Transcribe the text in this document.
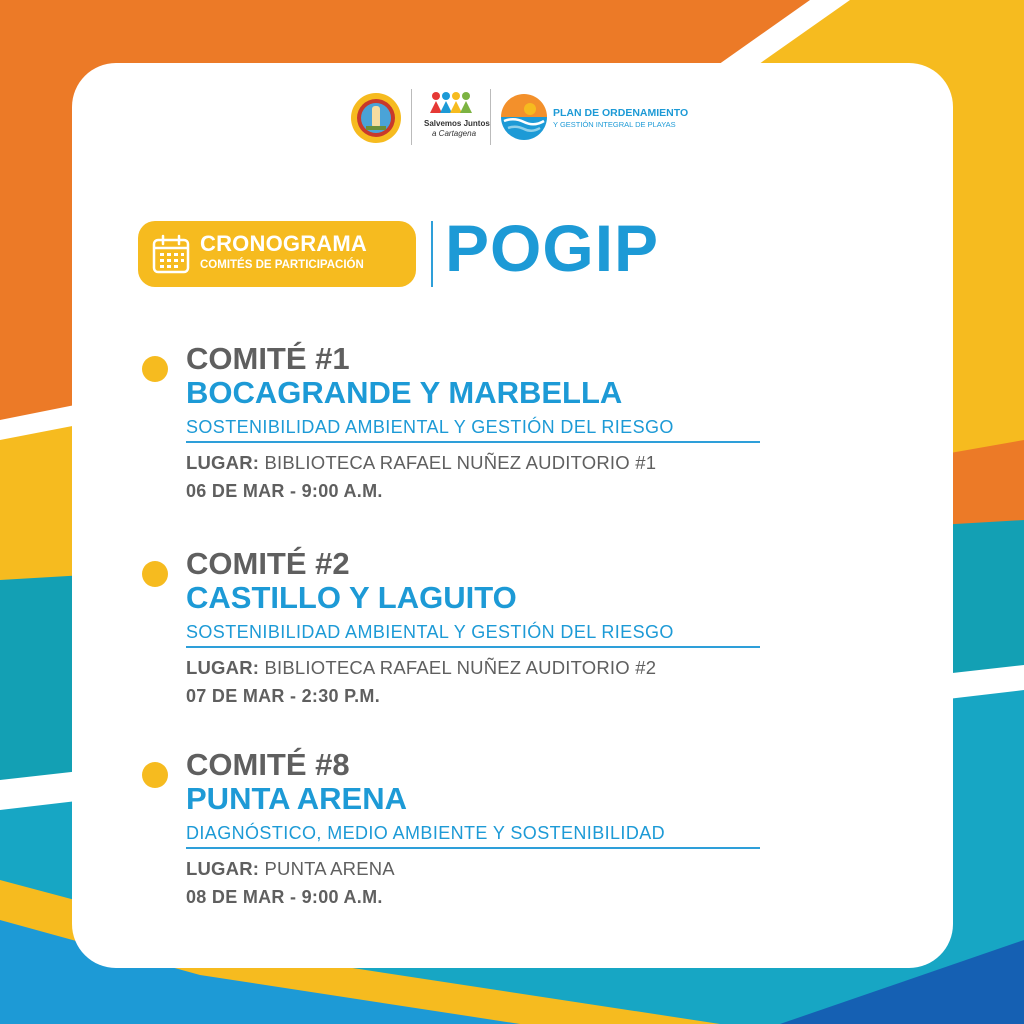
Salvemos Juntos
a Cartagena
PLAN DE ORDENAMIENTO
Y GESTIÓN INTEGRAL DE PLAYAS
CRONOGRAMA
COMITÉS DE PARTICIPACIÓN POGIP
COMITÉ #1
BOCAGRANDE Y MARBELLA
SOSTENIBILIDAD AMBIENTAL Y GESTIÓN DEL RIESGO
LUGAR: BIBLIOTECA RAFAEL NUÑEZ AUDITORIO #1
06 DE MAR - 9:00 A.M.
COMITÉ #2
CASTILLO Y LAGUITO
SOSTENIBILIDAD AMBIENTAL Y GESTIÓN DEL RIESGO
LUGAR: BIBLIOTECA RAFAEL NUÑEZ AUDITORIO #2
07 DE MAR - 2:30 P.M.
COMITÉ #8
PUNTA ARENA
DIAGNÓSTICO, MEDIO AMBIENTE Y SOSTENIBILIDAD
LUGAR: PUNTA ARENA
08 DE MAR - 9:00 A.M.
